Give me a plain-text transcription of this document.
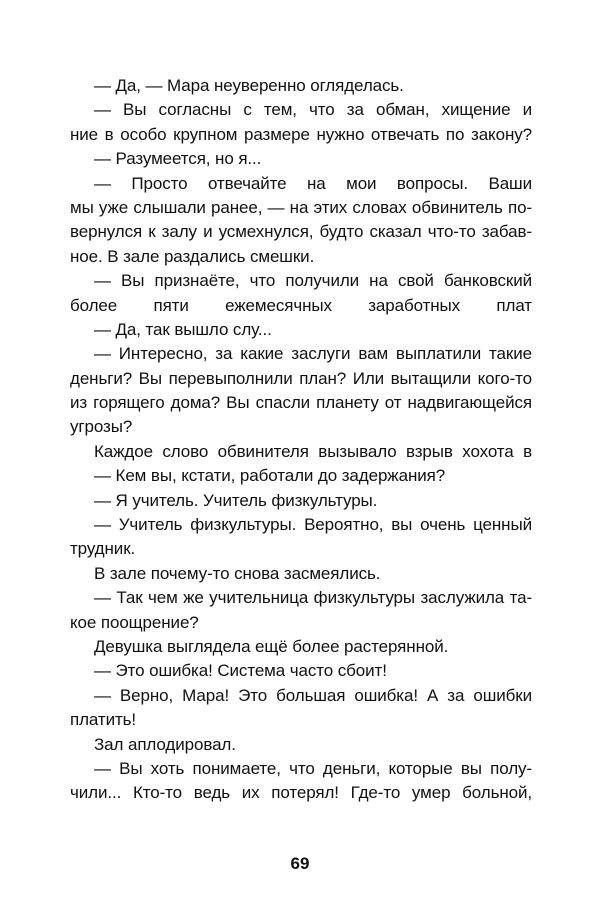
— Да, — Мара неуверенно огляделась.
— Вы согласны с тем, что за обман, хищение и
ние в особо крупном размере нужно отвечать по закону?
— Разумеется, но я...
— Просто отвечайте на мои вопросы. Ваши
мы уже слышали ранее, — на этих словах обвинитель по-
вернулся к залу и усмехнулся, будто сказал что-то забав-
ное. В зале раздались смешки.
— Вы признаёте, что получили на свой банковский
более пяти ежемесячных заработных плат
— Да, так вышло слу...
— Интересно, за какие заслуги вам выплатили такие
деньги? Вы перевыполнили план? Или вытащили кого-то
из горящего дома? Вы спасли планету от надвигающейся
угрозы?
Каждое слово обвинителя вызывало взрыв хохота в
— Кем вы, кстати, работали до задержания?
— Я учитель. Учитель физкультуры.
— Учитель физкультуры. Вероятно, вы очень ценный
трудник.
В зале почему-то снова засмеялись.
— Так чем же учительница физкультуры заслужила та-
кое поощрение?
Девушка выглядела ещё более растерянной.
— Это ошибка! Система часто сбоит!
— Верно, Мара! Это большая ошибка! А за ошибки
платить!
Зал аплодировал.
— Вы хоть понимаете, что деньги, которые вы полу-
чили... Кто-то ведь их потерял! Где-то умер больной,
69
